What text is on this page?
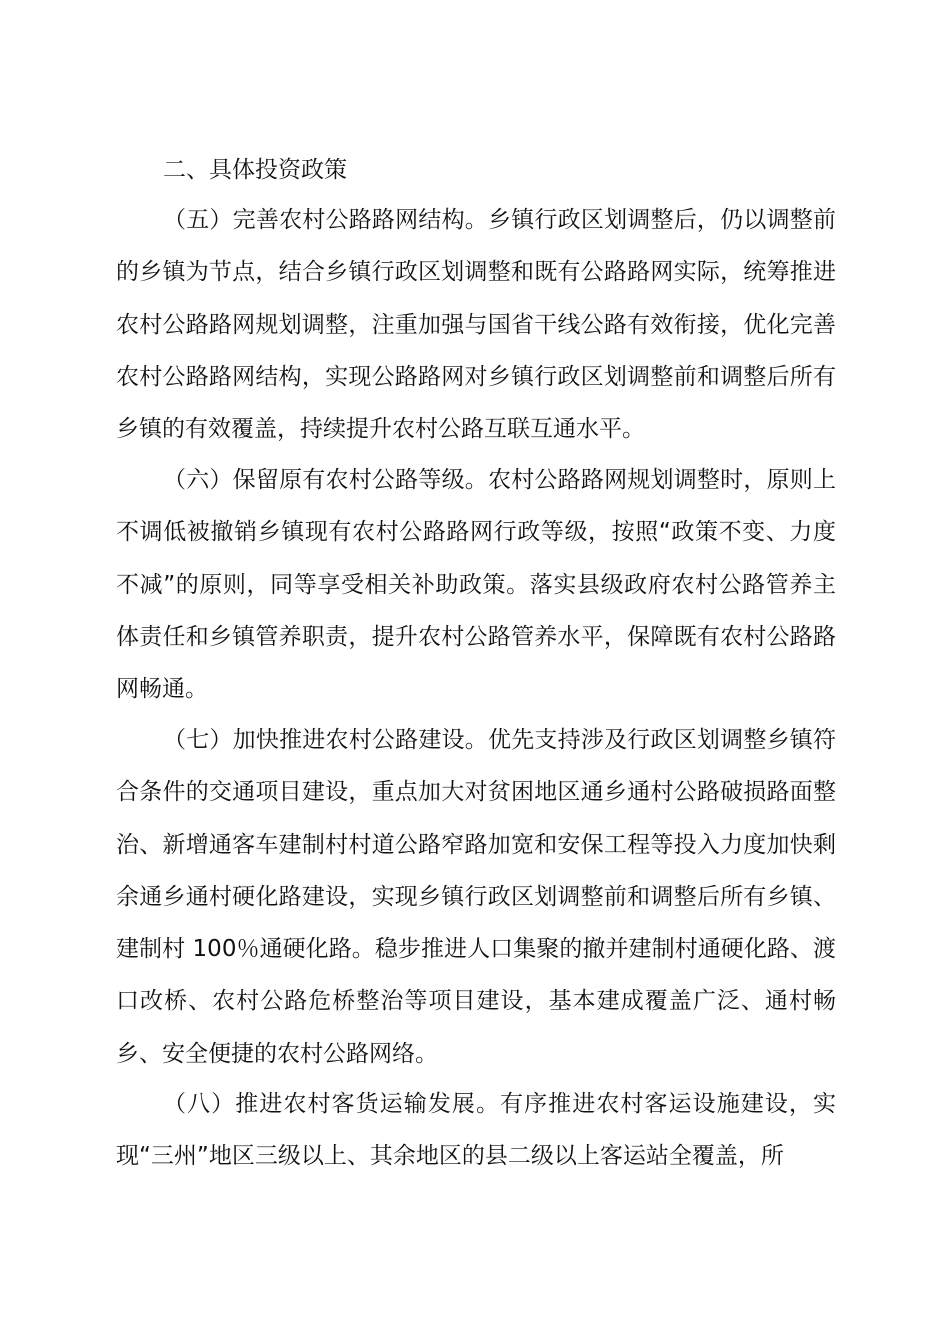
二、具体投资政策

（五）完善农村公路路网结构。乡镇行政区划调整后，仍以调整前的乡镇为节点，结合乡镇行政区划调整和既有公路路网实际，统筹推进农村公路路网规划调整，注重加强与国省干线公路有效衔接，优化完善农村公路路网结构，实现公路路网对乡镇行政区划调整前和调整后所有乡镇的有效覆盖，持续提升农村公路互联互通水平。

（六）保留原有农村公路等级。农村公路路网规划调整时，原则上不调低被撤销乡镇现有农村公路路网行政等级，按照“政策不变、力度不减”的原则，同等享受相关补助政策。落实县级政府农村公路管养主体责任和乡镇管养职责，提升农村公路管养水平，保障既有农村公路路网畅通。

（七）加快推进农村公路建设。优先支持涉及行政区划调整乡镇符合条件的交通项目建设，重点加大对贫困地区通乡通村公路破损路面整治、新增通客车建制村村道公路窄路加宽和安保工程等投入力度加快剩余通乡通村硬化路建设，实现乡镇行政区划调整前和调整后所有乡镇、建制村 100％通硬化路。稳步推进人口集聚的撤并建制村通硬化路、渡口改桥、农村公路危桥整治等项目建设，基本建成覆盖广泛、通村畅乡、安全便捷的农村公路网络。

（八）推进农村客货运输发展。有序推进农村客运设施建设，实现“三州”地区三级以上、其余地区的县二级以上客运站全覆盖，所
